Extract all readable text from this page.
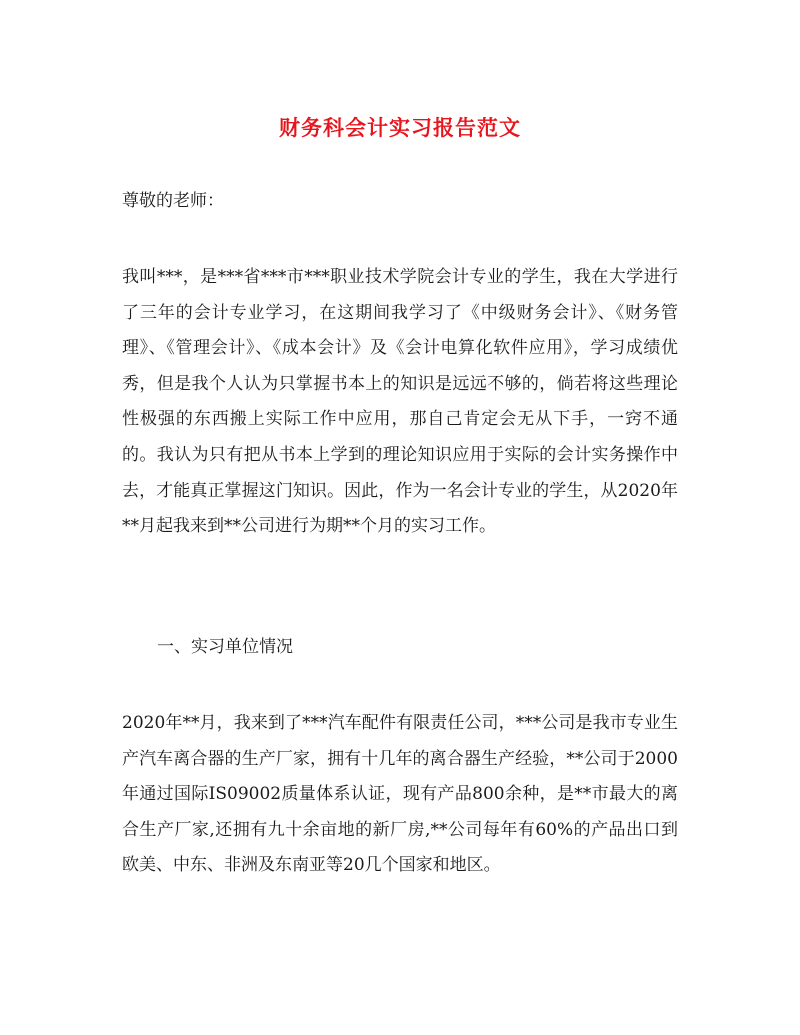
财务科会计实习报告范文

尊敬的老师：

我叫***，是***省***市***职业技术学院会计专业的学生，我在大学进行了三年的会计专业学习，在这期间我学习了《中级财务会计》、《财务管理》、《管理会计》、《成本会计》及《会计电算化软件应用》，学习成绩优秀，但是我个人认为只掌握书本上的知识是远远不够的，倘若将这些理论性极强的东西搬上实际工作中应用，那自己肯定会无从下手，一窍不通的。我认为只有把从书本上学到的理论知识应用于实际的会计实务操作中去，才能真正掌握这门知识。因此，作为一名会计专业的学生，从2020年**月起我来到**公司进行为期**个月的实习工作。

一、实习单位情况

2020年**月，我来到了***汽车配件有限责任公司，***公司是我市专业生产汽车离合器的生产厂家，拥有十几年的离合器生产经验，**公司于2000年通过国际IS09002质量体系认证，现有产品800余种，是**市最大的离合生产厂家,还拥有九十余亩地的新厂房,**公司每年有60%的产品出口到欧美、中东、非洲及东南亚等20几个国家和地区。
